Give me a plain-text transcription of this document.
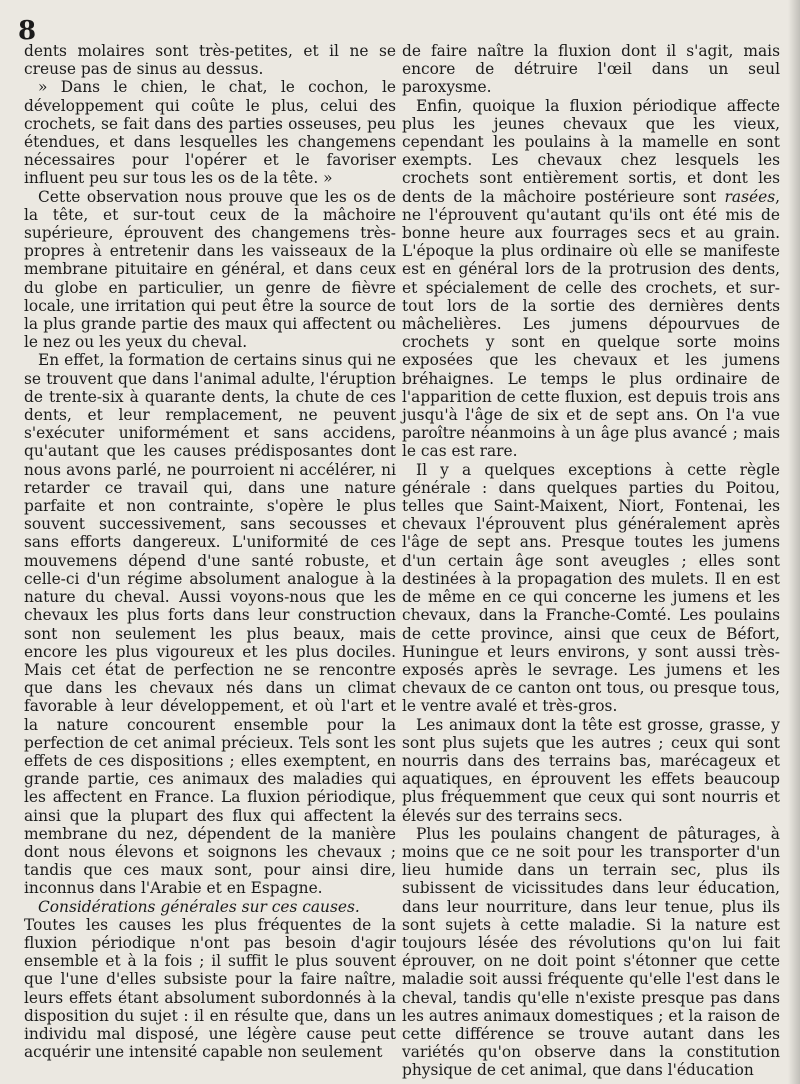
8

dents molaires sont très-petites, et il ne se creuse pas de sinus au dessus.

» Dans le chien, le chat, le cochon, le développement qui coûte le plus, celui des crochets, se fait dans des parties osseuses, peu étendues, et dans lesquelles les changemens nécessaires pour l'opérer et le favoriser influent peu sur tous les os de la tête. »

Cette observation nous prouve que les os de la tête, et sur-tout ceux de la mâchoire supérieure, éprouvent des changemens très-propres à entretenir dans les vaisseaux de la membrane pituitaire en général, et dans ceux du globe en particulier, un genre de fièvre locale, une irritation qui peut être la source de la plus grande partie des maux qui affectent ou le nez ou les yeux du cheval.

En effet, la formation de certains sinus qui ne se trouvent que dans l'animal adulte, l'éruption de trente-six à quarante dents, la chute de ces dents, et leur remplacement, ne peuvent s'exécuter uniformément et sans accidens, qu'autant que les causes prédisposantes dont nous avons parlé, ne pourroient ni accélérer, ni retarder ce travail qui, dans une nature parfaite et non contrainte, s'opère le plus souvent successivement, sans secousses et sans efforts dangereux. L'uniformité de ces mouvemens dépend d'une santé robuste, et celle-ci d'un régime absolument analogue à la nature du cheval. Aussi voyons-nous que les chevaux les plus forts dans leur construction sont non seulement les plus beaux, mais encore les plus vigoureux et les plus dociles. Mais cet état de perfection ne se rencontre que dans les chevaux nés dans un climat favorable à leur développement, et où l'art et la nature concourent ensemble pour la perfection de cet animal précieux. Tels sont les effets de ces dispositions ; elles exemptent, en grande partie, ces animaux des maladies qui les affectent en France. La fluxion périodique, ainsi que la plupart des flux qui affectent la membrane du nez, dépendent de la manière dont nous élevons et soignons les chevaux ; tandis que ces maux sont, pour ainsi dire, inconnus dans l'Arabie et en Espagne.

Considérations générales sur ces causes.

Toutes les causes les plus fréquentes de la fluxion périodique n'ont pas besoin d'agir ensemble et à la fois ; il suffit le plus souvent que l'une d'elles subsiste pour la faire naître, leurs effets étant absolument subordonnés à la disposition du sujet : il en résulte que, dans un individu mal disposé, une légère cause peut acquérir une intensité capable non seulement

de faire naître la fluxion dont il s'agit, mais encore de détruire l'œil dans un seul paroxysme.

Enfin, quoique la fluxion périodique affecte plus les jeunes chevaux que les vieux, cependant les poulains à la mamelle en sont exempts. Les chevaux chez lesquels les crochets sont entièrement sortis, et dont les dents de la mâchoire postérieure sont rasées, ne l'éprouvent qu'autant qu'ils ont été mis de bonne heure aux fourrages secs et au grain. L'époque la plus ordinaire où elle se manifeste est en général lors de la protrusion des dents, et spécialement de celle des crochets, et sur-tout lors de la sortie des dernières dents mâchelières. Les jumens dépourvues de crochets y sont en quelque sorte moins exposées que les chevaux et les jumens bréhaignes. Le temps le plus ordinaire de l'apparition de cette fluxion, est depuis trois ans jusqu'à l'âge de six et de sept ans. On l'a vue paroître néanmoins à un âge plus avancé ; mais le cas est rare.

Il y a quelques exceptions à cette règle générale : dans quelques parties du Poitou, telles que Saint-Maixent, Niort, Fontenai, les chevaux l'éprouvent plus généralement après l'âge de sept ans. Presque toutes les jumens d'un certain âge sont aveugles ; elles sont destinées à la propagation des mulets. Il en est de même en ce qui concerne les jumens et les chevaux, dans la Franche-Comté. Les poulains de cette province, ainsi que ceux de Béfort, Huningue et leurs environs, y sont aussi très-exposés après le sevrage. Les jumens et les chevaux de ce canton ont tous, ou presque tous, le ventre avalé et très-gros.

Les animaux dont la tête est grosse, grasse, y sont plus sujets que les autres ; ceux qui sont nourris dans des terrains bas, marécageux et aquatiques, en éprouvent les effets beaucoup plus fréquemment que ceux qui sont nourris et élevés sur des terrains secs.

Plus les poulains changent de pâturages, à moins que ce ne soit pour les transporter d'un lieu humide dans un terrain sec, plus ils subissent de vicissitudes dans leur éducation, dans leur nourriture, dans leur tenue, plus ils sont sujets à cette maladie. Si la nature est toujours lésée des révolutions qu'on lui fait éprouver, on ne doit point s'étonner que cette maladie soit aussi fréquente qu'elle l'est dans le cheval, tandis qu'elle n'existe presque pas dans les autres animaux domestiques ; et la raison de cette différence se trouve autant dans les variétés qu'on observe dans la constitution physique de cet animal, que dans l'éducation
